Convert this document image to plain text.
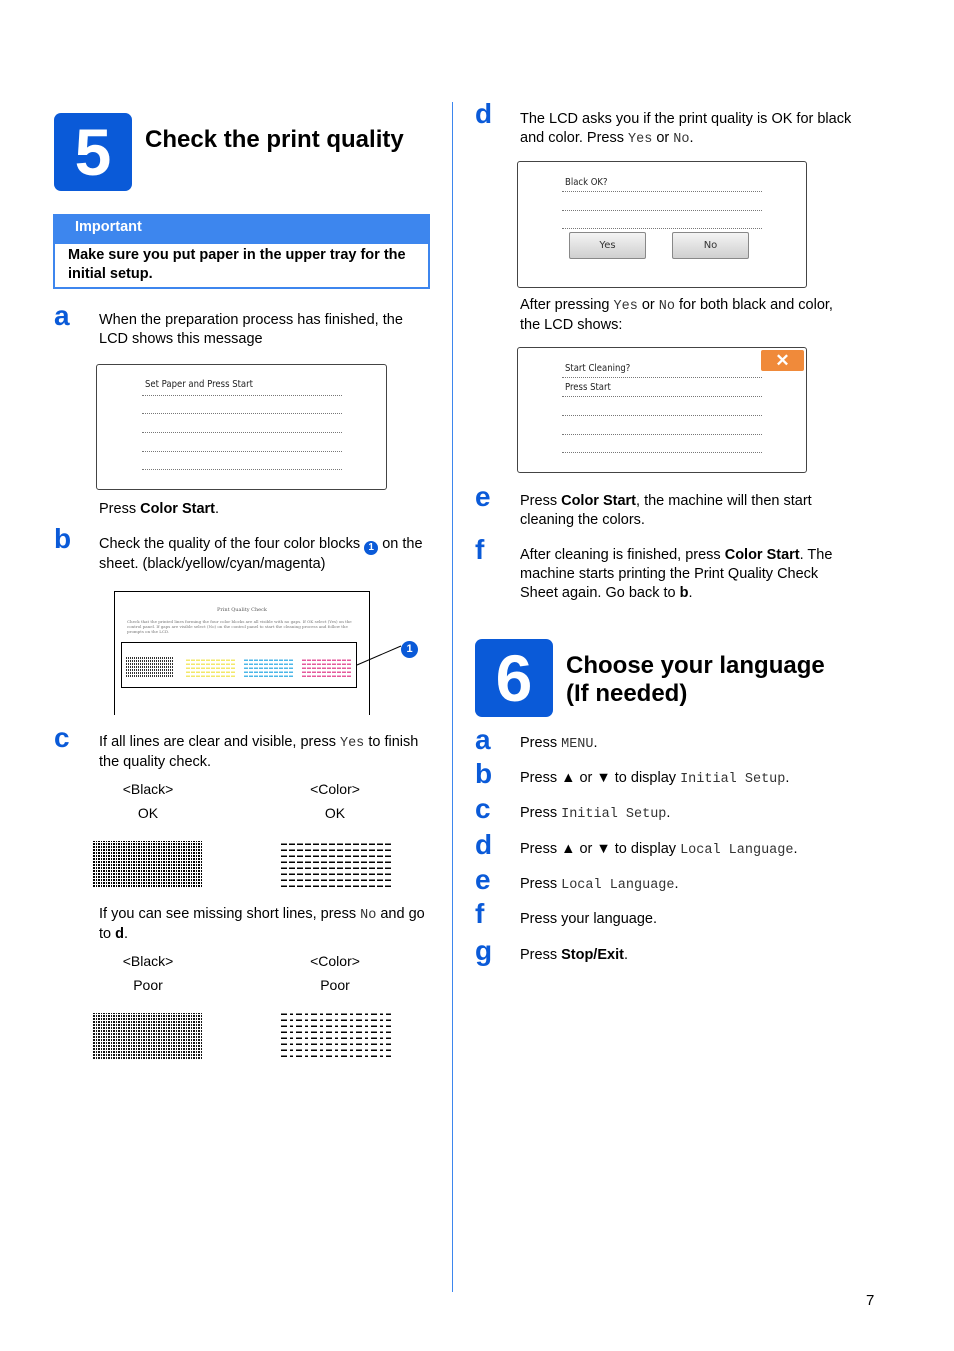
5 Check the print quality
Important
Make sure you put paper in the upper tray for the initial setup.
a When the preparation process has finished, the LCD shows this message
Set Paper and Press Start
Press Color Start.
b Check the quality of the four color blocks 1 on the sheet. (black/yellow/cyan/magenta)
Print Quality Check
Check that the printed lines forming the four color blocks are all visible with no gaps. If OK select (Yes) on the control panel. If gaps are visible select (No) on the control panel to start the cleaning process and follow the prompts on the LCD.
1
c If all lines are clear and visible, press Yes to finish the quality check.
<Black>
OK
<Color>
OK
If you can see missing short lines, press No and go to d.
<Black>
Poor
<Color>
Poor
d The LCD asks you if the print quality is OK for black and color. Press Yes or No.
Black OK?
Yes	No
After pressing Yes or No for both black and color, the LCD shows:
✕
Start Cleaning?
Press Start
e Press Color Start, the machine will then start cleaning the colors.
f After cleaning is finished, press Color Start. The machine starts printing the Print Quality Check Sheet again. Go back to b.
6 Choose your language
(If needed)
a Press MENU.
b Press ▲ or ▼ to display Initial Setup.
c Press Initial Setup.
d Press ▲ or ▼ to display Local Language.
e Press Local Language.
f Press your language.
g Press Stop/Exit.
7
